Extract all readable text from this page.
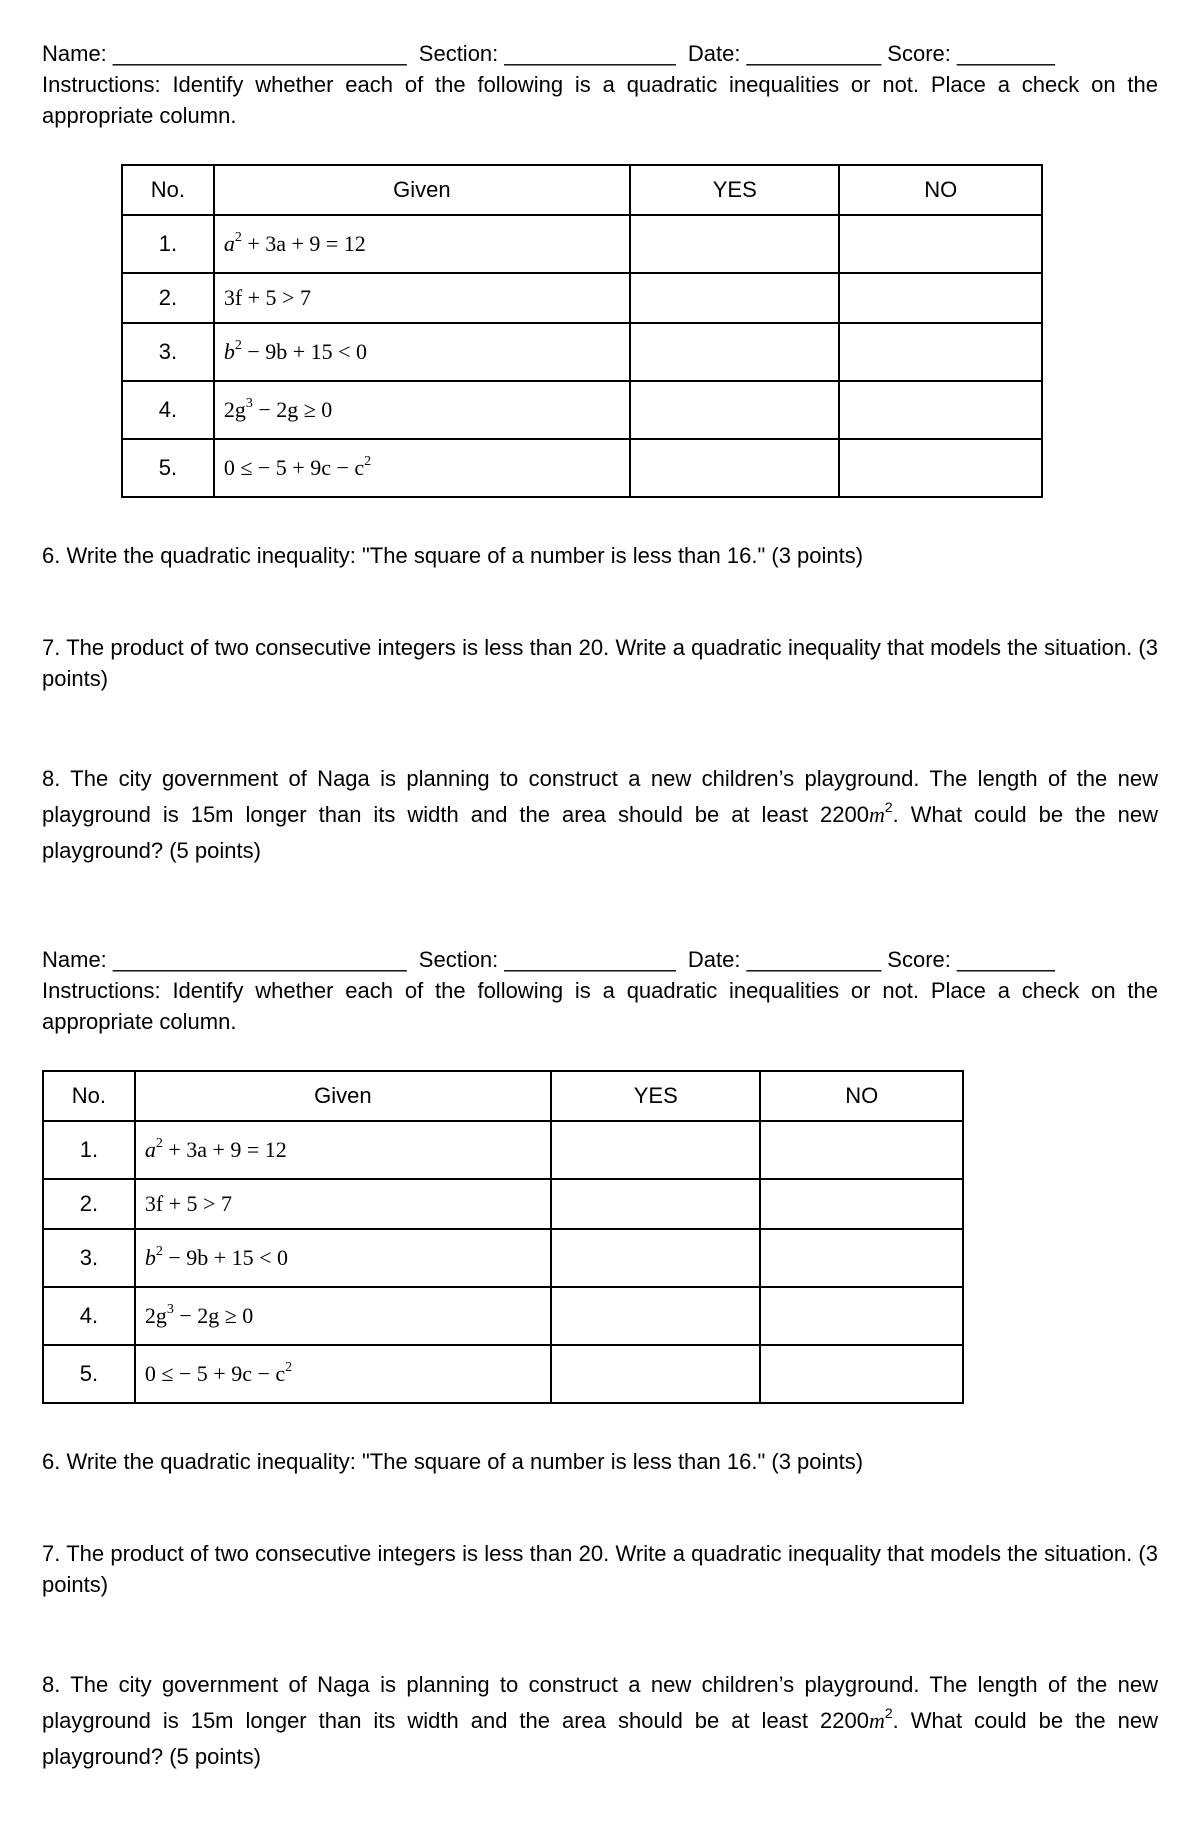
Name: ________________________  Section: ______________  Date: ___________ Score: ________

Instructions: Identify whether each of the following is a quadratic inequalities or not. Place a check on the appropriate column.

No.	Given	YES	NO
1.	$a^2 + 3a + 9 = 12$		
2.	3f + 5 > 7		
3.	$b^2 - 9b + 15 < 0$		
4.	$2g^3 - 2g \ge 0$		
5.	0 ≤ − $5 + 9c - c^2$		

6. Write the quadratic inequality: "The square of a number is less than 16." (3 points)

7. The product of two consecutive integers is less than 20. Write a quadratic inequality that models the situation. (3 points)

8. The city government of Naga is planning to construct a new children’s playground. The length of the new playground is 15m longer than its width and the area should be at least $2200m^2$. What could be the new playground? (5 points)

Name: ________________________  Section: ______________  Date: ___________ Score: ________

Instructions: Identify whether each of the following is a quadratic inequalities or not. Place a check on the appropriate column.

No.	Given	YES	NO
1.	$a^2 + 3a + 9 = 12$		
2.	3f + 5 > 7		
3.	$b^2 - 9b + 15 < 0$		
4.	$2g^3 - 2g \ge 0$		
5.	0 ≤ − $5 + 9c - c^2$		

6. Write the quadratic inequality: "The square of a number is less than 16." (3 points)

7. The product of two consecutive integers is less than 20. Write a quadratic inequality that models the situation. (3 points)

8. The city government of Naga is planning to construct a new children’s playground. The length of the new playground is 15m longer than its width and the area should be at least $2200m^2$. What could be the new playground? (5 points)
